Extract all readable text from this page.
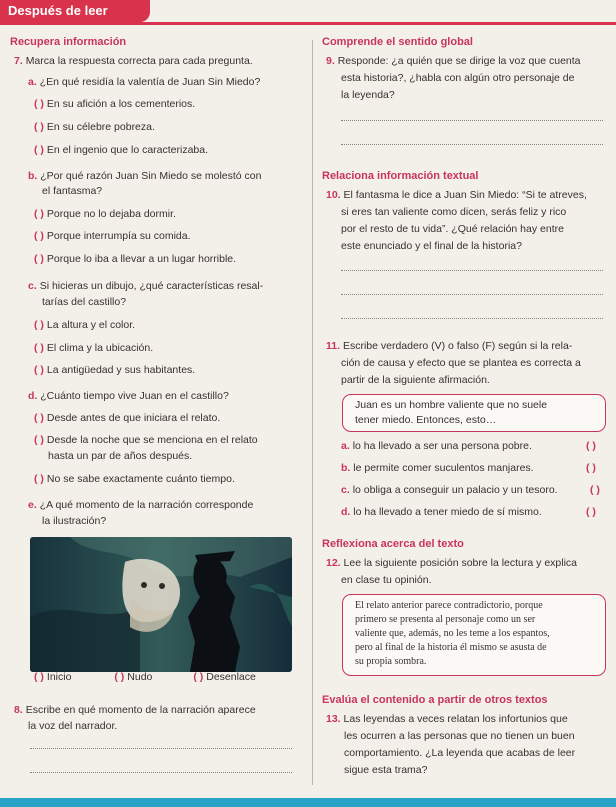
Después de leer
Recupera información
7. Marca la respuesta correcta para cada pregunta.
a. ¿En qué residía la valentía de Juan Sin Miedo?
( ) En su afición a los cementerios.
( ) En su célebre pobreza.
( ) En el ingenio que lo caracterizaba.
b. ¿Por qué razón Juan Sin Miedo se molestó con
el fantasma?
( ) Porque no lo dejaba dormir.
( ) Porque interrumpía su comida.
( ) Porque lo iba a llevar a un lugar horrible.
c. Si hicieras un dibujo, ¿qué características resal-
tarías del castillo?
( ) La altura y el color.
( ) El clima y la ubicación.
( ) La antigüedad y sus habitantes.
d. ¿Cuánto tiempo vive Juan en el castillo?
( ) Desde antes de que iniciara el relato.
( ) Desde la noche que se menciona en el relato
hasta un par de años después.
( ) No se sabe exactamente cuánto tiempo.
e. ¿A qué momento de la narración corresponde
la ilustración?
( ) Inicio	( ) Nudo	( ) Desenlace
8. Escribe en qué momento de la narración aparece
la voz del narrador.
Comprende el sentido global
9. Responde: ¿a quién que se dirige la voz que cuenta
esta historia?, ¿habla con algún otro personaje de
la leyenda?
Relaciona información textual
10. El fantasma le dice a Juan Sin Miedo: “Si te atreves,
si eres tan valiente como dicen, serás feliz y rico
por el resto de tu vida”. ¿Qué relación hay entre
este enunciado y el final de la historia?
11. Escribe verdadero (V) o falso (F) según si la rela-
ción de causa y efecto que se plantea es correcta a
partir de la siguiente afirmación.
Juan es un hombre valiente que no suele
tener miedo. Entonces, esto…
a. lo ha llevado a ser una persona pobre.	( )
b. le permite comer suculentos manjares.	( )
c. lo obliga a conseguir un palacio y un tesoro.	( )
d. lo ha llevado a tener miedo de sí mismo.	( )
Reflexiona acerca del texto
12. Lee la siguiente posición sobre la lectura y explica
en clase tu opinión.
El relato anterior parece contradictorio, porque
primero se presenta al personaje como un ser
valiente que, además, no les teme a los espantos,
pero al final de la historia él mismo se asusta de
su propia sombra.
Evalúa el contenido a partir de otros textos
13. Las leyendas a veces relatan los infortunios que
les ocurren a las personas que no tienen un buen
comportamiento. ¿La leyenda que acabas de leer
sigue esta trama?
